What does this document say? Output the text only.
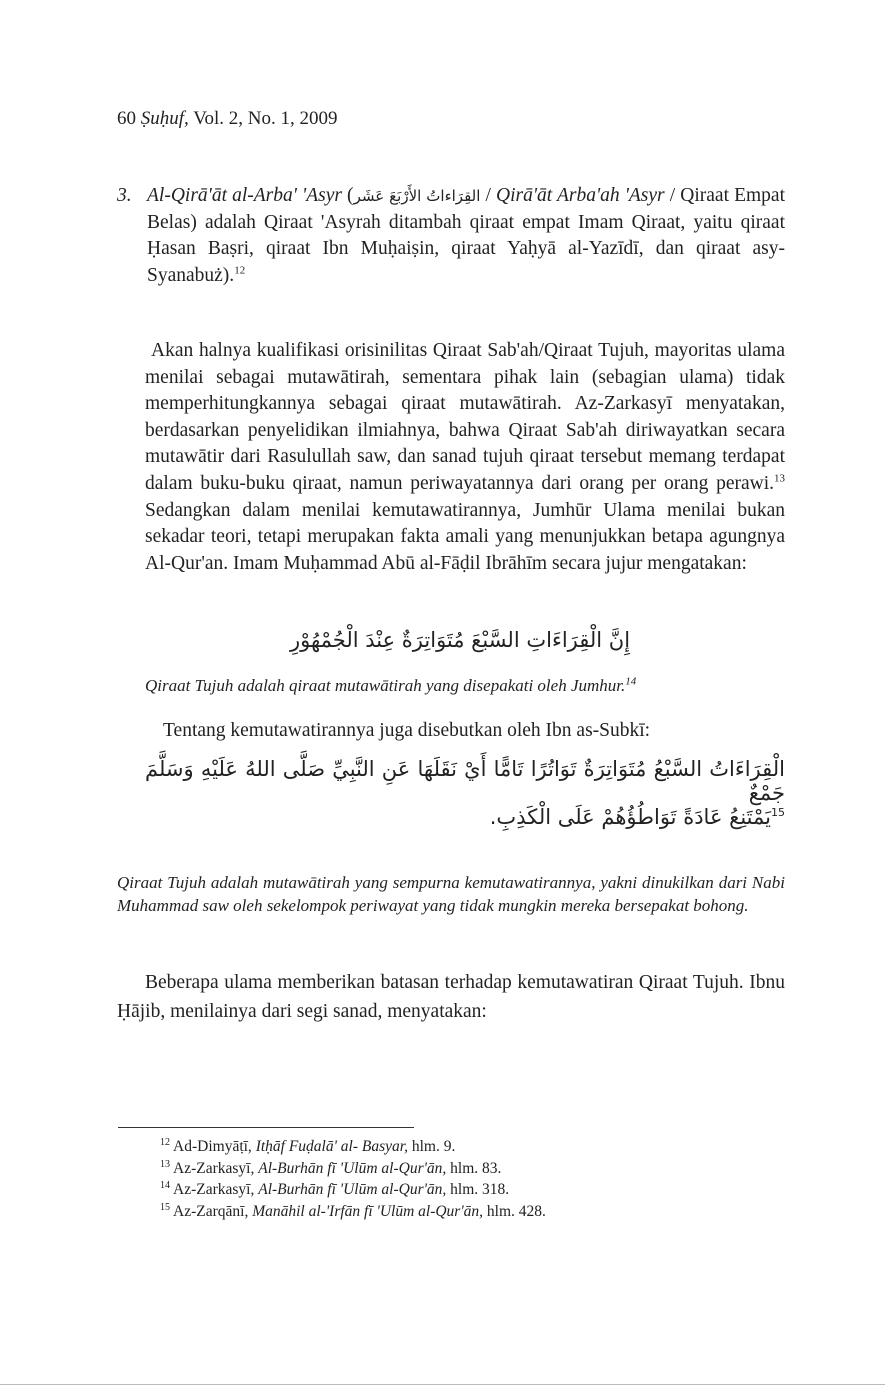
60 Ṣuḥuf, Vol. 2, No. 1, 2009
3. Al-Qirā'āt al-Arba' 'Asyr (القِرَاءاتُ الأَرْبَعَ عَشَر / Qirā'āt Arba'ah 'Asyr / Qiraat Empat Belas) adalah Qiraat 'Asyrah ditambah qiraat empat Imam Qiraat, yaitu qiraat Ḥasan Baṣri, qiraat Ibn Muḥaiṣin, qiraat Yaḥyā al-Yazīdī, dan qiraat asy-Syanabuż).$^{12}$
Akan halnya kualifikasi orisinilitas Qiraat Sab'ah/Qiraat Tujuh, mayoritas ulama menilai sebagai mutawātirah, sementara pihak lain (sebagian ulama) tidak memperhitungkannya sebagai qiraat mutawātirah. Az-Zarkasyī menyatakan, berdasarkan penyelidikan ilmiahnya, bahwa Qiraat Sab'ah diriwayatkan secara mutawātir dari Rasulullah saw, dan sanad tujuh qiraat tersebut memang terdapat dalam buku-buku qiraat, namun periwayatannya dari orang per orang perawi.$^{13}$ Sedangkan dalam menilai kemutawatirannya, Jumhūr Ulama menilai bukan sekadar teori, tetapi merupakan fakta amali yang menunjukkan betapa agungnya Al-Qur'an. Imam Muḥammad Abū al-Fāḍil Ibrāhīm secara jujur mengatakan:
إِنَّ الْقِرَاءَاتِ السَّبْعَ مُتَوَاتِرَةٌ عِنْدَ الْجُمْهُوْرِ
Qiraat Tujuh adalah qiraat mutawātirah yang disepakati oleh Jumhur.$^{14}$
Tentang kemutawatirannya juga disebutkan oleh Ibn as-Subkī:
الْقِرَاءَاتُ السَّبْعُ مُتَوَاتِرَةٌ تَوَاتُرًا تَامًّا أَيْ نَقَلَهَا عَنِ النَّبِيِّ صَلَّى اللهُ عَلَيْهِ وَسَلَّمَ جَمْعٌ
$^{15}$يَمْتَنِعُ عَادَةً تَوَاطُؤُهُمْ عَلَى الْكَذِبِ.
Qiraat Tujuh adalah mutawātirah yang sempurna kemutawatirannya, yakni dinukilkan dari Nabi Muhammad saw oleh sekelompok periwayat yang tidak mungkin mereka bersepakat bohong.
Beberapa ulama memberikan batasan terhadap kemutawatiran Qiraat Tujuh. Ibnu Ḥājib, menilainya dari segi sanad, menyatakan:
$^{12}$ Ad-Dimyāṭī, Itḥāf Fuḍalā' al- Basyar, hlm. 9.
$^{13}$ Az-Zarkasyī, Al-Burhān fī 'Ulūm al-Qur'ān, hlm. 83.
$^{14}$ Az-Zarkasyī, Al-Burhān fī 'Ulūm al-Qur'ān, hlm. 318.
$^{15}$ Az-Zarqānī, Manāhil al-'Irfān fī 'Ulūm al-Qur'ān, hlm. 428.
